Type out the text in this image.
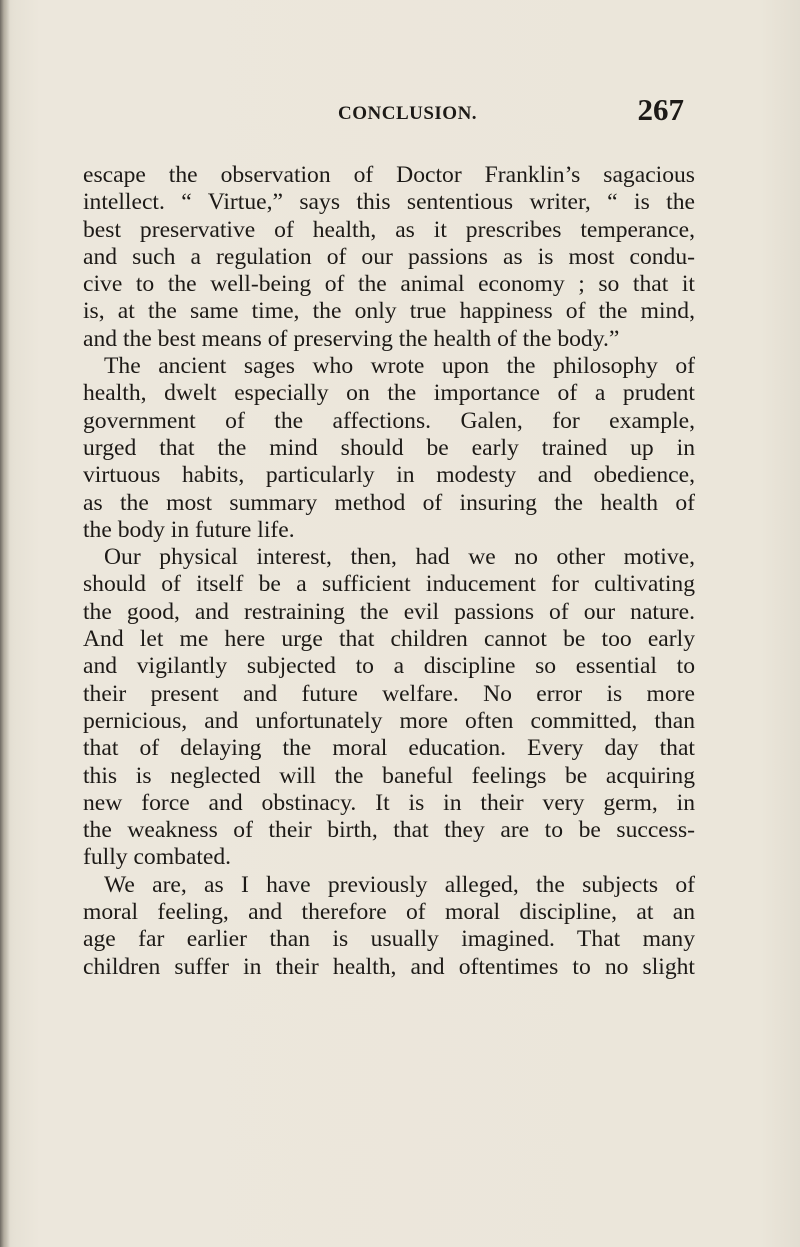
CONCLUSION.	267
escape the observation of Doctor Franklin’s sagacious
intellect. “ Virtue,” says this sententious writer, “ is the
best preservative of health, as it prescribes temperance,
and such a regulation of our passions as is most condu-
cive to the well-being of the animal economy ; so that it
is, at the same time, the only true happiness of the mind,
and the best means of preserving the health of the body.”
The ancient sages who wrote upon the philosophy of
health, dwelt especially on the importance of a prudent
government of the affections. Galen, for example,
urged that the mind should be early trained up in
virtuous habits, particularly in modesty and obedience,
as the most summary method of insuring the health of
the body in future life.
Our physical interest, then, had we no other motive,
should of itself be a sufficient inducement for cultivating
the good, and restraining the evil passions of our nature.
And let me here urge that children cannot be too early
and vigilantly subjected to a discipline so essential to
their present and future welfare. No error is more
pernicious, and unfortunately more often committed, than
that of delaying the moral education. Every day that
this is neglected will the baneful feelings be acquiring
new force and obstinacy. It is in their very germ, in
the weakness of their birth, that they are to be success-
fully combated.
We are, as I have previously alleged, the subjects of
moral feeling, and therefore of moral discipline, at an
age far earlier than is usually imagined. That many
children suffer in their health, and oftentimes to no slight
